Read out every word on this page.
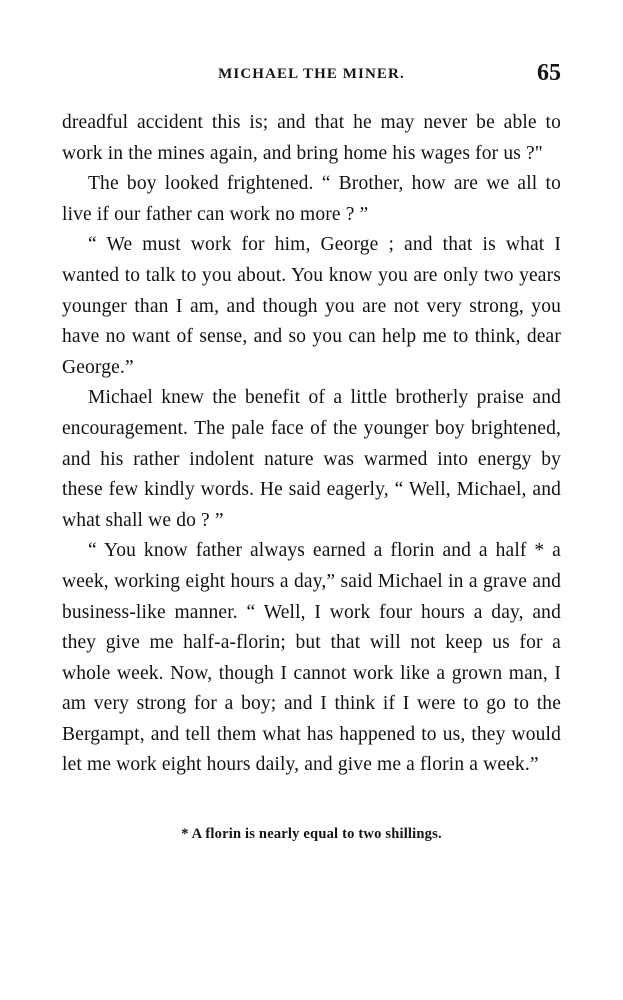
MICHAEL THE MINER.	65

dreadful accident this is; and that he may never be able to work in the mines again, and bring home his wages for us ?"

The boy looked frightened. “ Brother, how are we all to live if our father can work no more ? ”

“ We must work for him, George ; and that is what I wanted to talk to you about. You know you are only two years younger than I am, and though you are not very strong, you have no want of sense, and so you can help me to think, dear George.”

Michael knew the benefit of a little brotherly praise and encouragement. The pale face of the younger boy brightened, and his rather indolent nature was warmed into energy by these few kindly words. He said eagerly, “ Well, Michael, and what shall we do ? ”

“ You know father always earned a florin and a half * a week, working eight hours a day,” said Michael in a grave and business-like manner. “ Well, I work four hours a day, and they give me half-a-florin; but that will not keep us for a whole week. Now, though I cannot work like a grown man, I am very strong for a boy; and I think if I were to go to the Bergampt, and tell them what has happened to us, they would let me work eight hours daily, and give me a florin a week.”

* A florin is nearly equal to two shillings.
